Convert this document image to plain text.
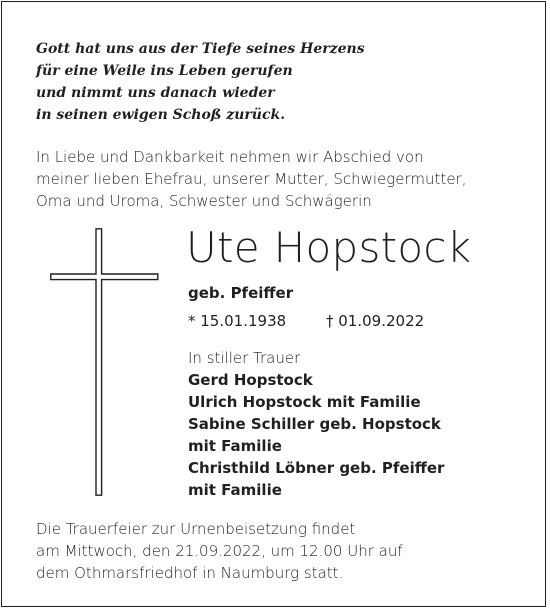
Gott hat uns aus der Tiefe seines Herzens
für eine Weile ins Leben gerufen
und nimmt uns danach wieder
in seinen ewigen Schoß zurück.
In Liebe und Dankbarkeit nehmen wir Abschied von
meiner lieben Ehefrau, unserer Mutter, Schwiegermutter,
Oma und Uroma, Schwester und Schwägerin
Ute Hopstock
geb. Pfeiffer
* 15.01.1938	† 01.09.2022
In stiller Trauer
Gerd Hopstock
Ulrich Hopstock mit Familie
Sabine Schiller geb. Hopstock
mit Familie
Christhild Löbner geb. Pfeiffer
mit Familie
Die Trauerfeier zur Urnenbeisetzung findet
am Mittwoch, den 21.09.2022, um 12.00 Uhr auf
dem Othmarsfriedhof in Naumburg statt.
